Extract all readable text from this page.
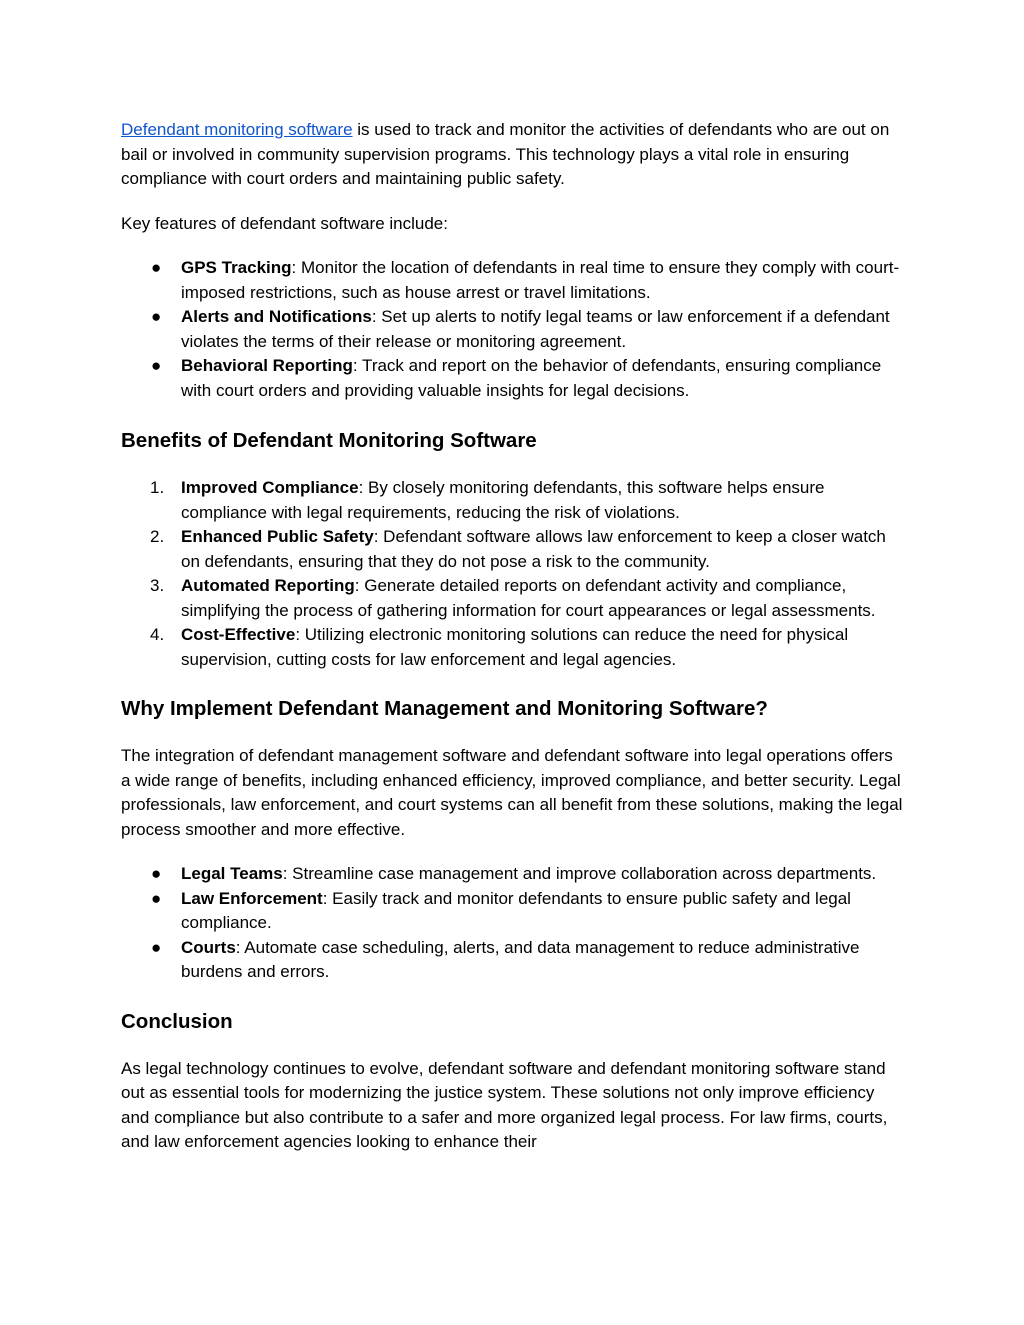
Defendant monitoring software is used to track and monitor the activities of defendants who are out on bail or involved in community supervision programs. This technology plays a vital role in ensuring compliance with court orders and maintaining public safety.

Key features of defendant software include:

● GPS Tracking: Monitor the location of defendants in real time to ensure they comply with court-imposed restrictions, such as house arrest or travel limitations.
● Alerts and Notifications: Set up alerts to notify legal teams or law enforcement if a defendant violates the terms of their release or monitoring agreement.
● Behavioral Reporting: Track and report on the behavior of defendants, ensuring compliance with court orders and providing valuable insights for legal decisions.
Benefits of Defendant Monitoring Software
1. Improved Compliance: By closely monitoring defendants, this software helps ensure compliance with legal requirements, reducing the risk of violations.
2. Enhanced Public Safety: Defendant software allows law enforcement to keep a closer watch on defendants, ensuring that they do not pose a risk to the community.
3. Automated Reporting: Generate detailed reports on defendant activity and compliance, simplifying the process of gathering information for court appearances or legal assessments.
4. Cost-Effective: Utilizing electronic monitoring solutions can reduce the need for physical supervision, cutting costs for law enforcement and legal agencies.
Why Implement Defendant Management and Monitoring Software?

The integration of defendant management software and defendant software into legal operations offers a wide range of benefits, including enhanced efficiency, improved compliance, and better security. Legal professionals, law enforcement, and court systems can all benefit from these solutions, making the legal process smoother and more effective.

● Legal Teams: Streamline case management and improve collaboration across departments.
● Law Enforcement: Easily track and monitor defendants to ensure public safety and legal compliance.
● Courts: Automate case scheduling, alerts, and data management to reduce administrative burdens and errors.
Conclusion

As legal technology continues to evolve, defendant software and defendant monitoring software stand out as essential tools for modernizing the justice system. These solutions not only improve efficiency and compliance but also contribute to a safer and more organized legal process. For law firms, courts, and law enforcement agencies looking to enhance their
